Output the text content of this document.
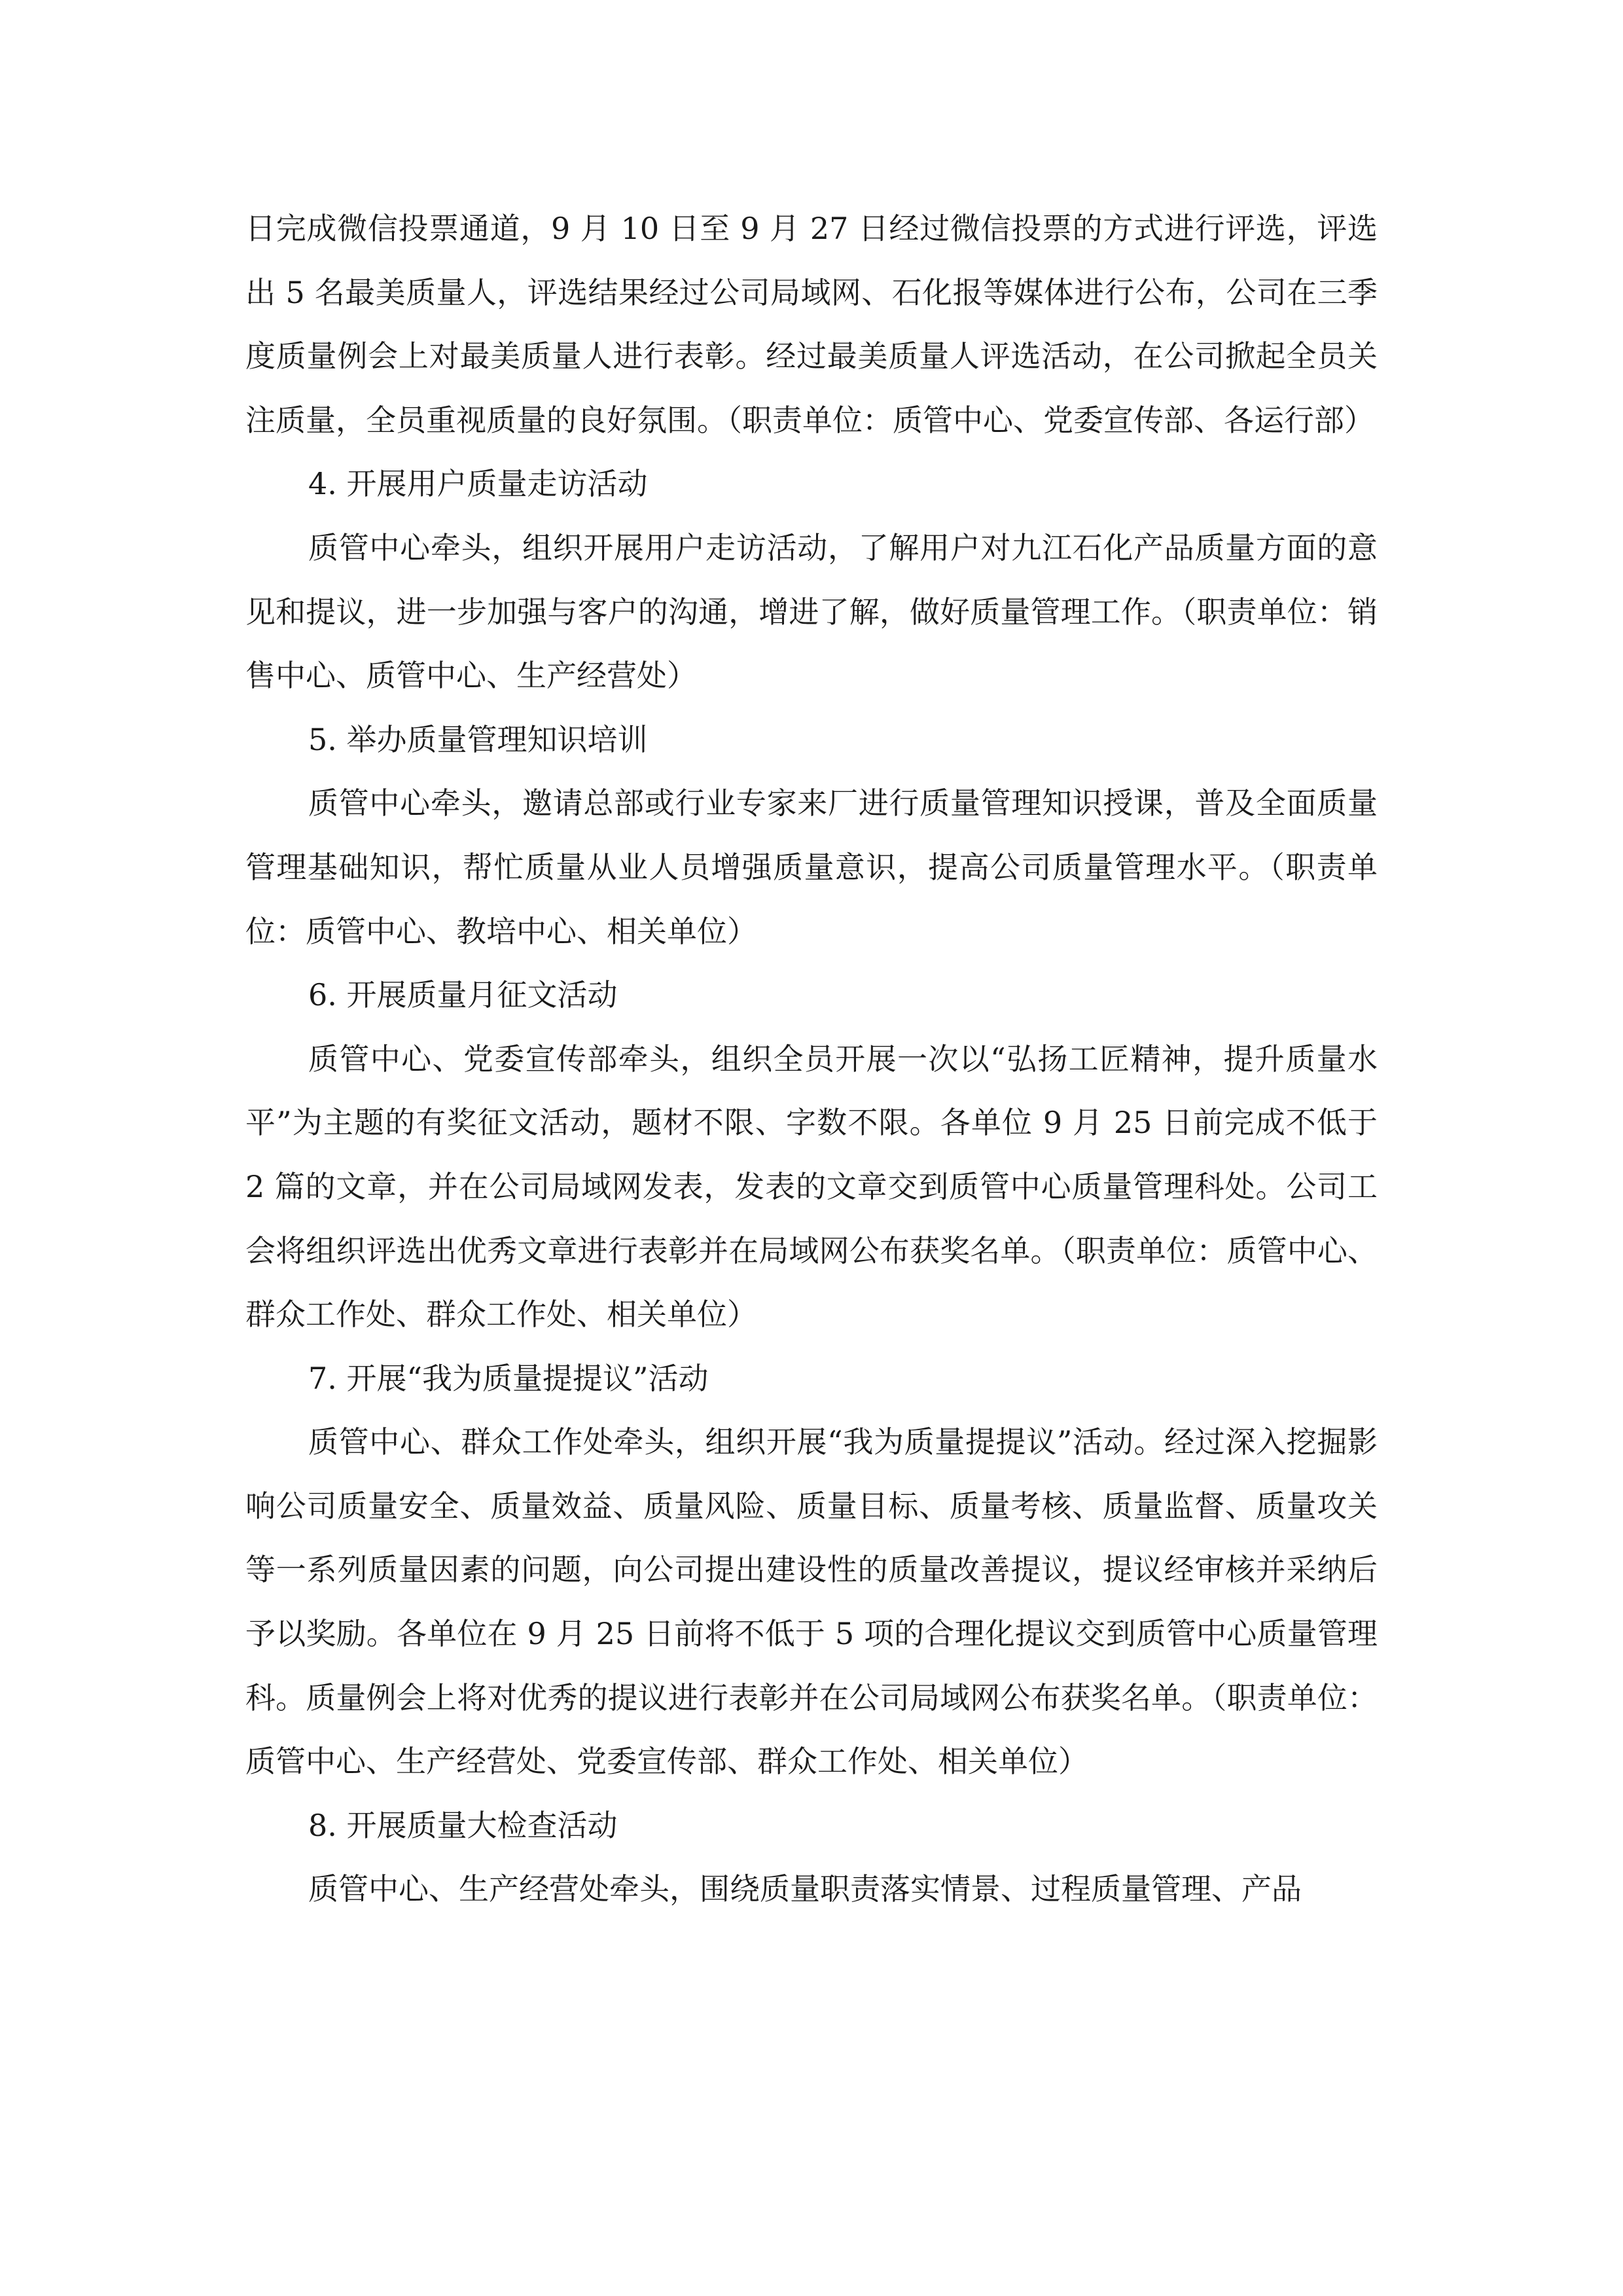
日完成微信投票通道，9 月 10 日至 9 月 27 日经过微信投票的方式进行评选，评选出 5 名最美质量人，评选结果经过公司局域网、石化报等媒体进行公布，公司在三季度质量例会上对最美质量人进行表彰。经过最美质量人评选活动，在公司掀起全员关注质量，全员重视质量的良好氛围。（职责单位：质管中心、党委宣传部、各运行部）

4. 开展用户质量走访活动

质管中心牵头，组织开展用户走访活动，了解用户对九江石化产品质量方面的意见和提议，进一步加强与客户的沟通，增进了解，做好质量管理工作。（职责单位：销售中心、质管中心、生产经营处）

5. 举办质量管理知识培训

质管中心牵头，邀请总部或行业专家来厂进行质量管理知识授课，普及全面质量管理基础知识，帮忙质量从业人员增强质量意识，提高公司质量管理水平。（职责单位：质管中心、教培中心、相关单位）

6. 开展质量月征文活动

质管中心、党委宣传部牵头，组织全员开展一次以“弘扬工匠精神，提升质量水平”为主题的有奖征文活动，题材不限、字数不限。各单位 9 月 25 日前完成不低于 2 篇的文章，并在公司局域网发表，发表的文章交到质管中心质量管理科处。公司工会将组织评选出优秀文章进行表彰并在局域网公布获奖名单。（职责单位：质管中心、群众工作处、群众工作处、相关单位）

7. 开展“我为质量提提议”活动

质管中心、群众工作处牵头，组织开展“我为质量提提议”活动。经过深入挖掘影响公司质量安全、质量效益、质量风险、质量目标、质量考核、质量监督、质量攻关等一系列质量因素的问题，向公司提出建设性的质量改善提议，提议经审核并采纳后予以奖励。各单位在 9 月 25 日前将不低于 5 项的合理化提议交到质管中心质量管理科。质量例会上将对优秀的提议进行表彰并在公司局域网公布获奖名单。（职责单位：质管中心、生产经营处、党委宣传部、群众工作处、相关单位）

8. 开展质量大检查活动

质管中心、生产经营处牵头，围绕质量职责落实情景、过程质量管理、产品
